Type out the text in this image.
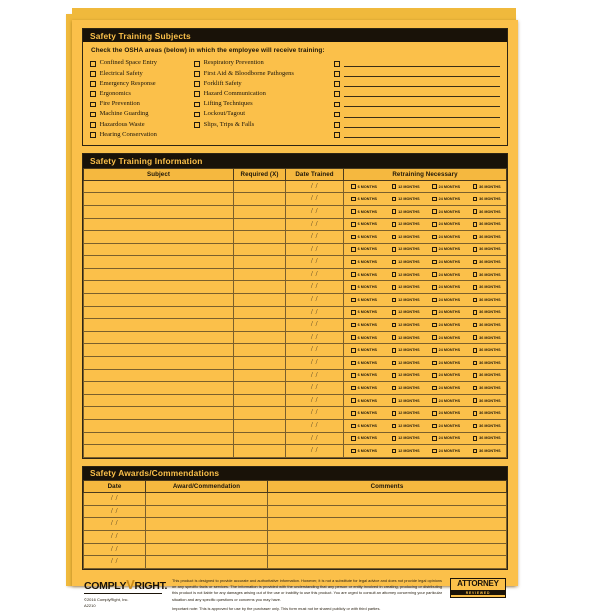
Safety Training Subjects
Check the OSHA areas (below) in which the employee will receive training:
Confined Space Entry
Electrical Safety
Emergency Response
Ergonomics
Fire Prevention
Machine Guarding
Hazardous Waste
Hearing Conservation
Respiratory Prevention
First Aid & Bloodborne Pathogens
Forklift Safety
Hazard Communication
Lifting Techniques
Lockout/Tagout
Slips, Trips & Falls
Safety Training Information
Subject	Required (X)	Date Trained	Retraining Necessary
		/ /	6 MONTHS 12 MONTHS 24 MONTHS 36 MONTHS

		/ /	6 MONTHS 12 MONTHS 24 MONTHS 36 MONTHS

		/ /	6 MONTHS 12 MONTHS 24 MONTHS 36 MONTHS

		/ /	6 MONTHS 12 MONTHS 24 MONTHS 36 MONTHS

		/ /	6 MONTHS 12 MONTHS 24 MONTHS 36 MONTHS

		/ /	6 MONTHS 12 MONTHS 24 MONTHS 36 MONTHS

		/ /	6 MONTHS 12 MONTHS 24 MONTHS 36 MONTHS

		/ /	6 MONTHS 12 MONTHS 24 MONTHS 36 MONTHS

		/ /	6 MONTHS 12 MONTHS 24 MONTHS 36 MONTHS

		/ /	6 MONTHS 12 MONTHS 24 MONTHS 36 MONTHS

		/ /	6 MONTHS 12 MONTHS 24 MONTHS 36 MONTHS

		/ /	6 MONTHS 12 MONTHS 24 MONTHS 36 MONTHS

		/ /	6 MONTHS 12 MONTHS 24 MONTHS 36 MONTHS

		/ /	6 MONTHS 12 MONTHS 24 MONTHS 36 MONTHS

		/ /	6 MONTHS 12 MONTHS 24 MONTHS 36 MONTHS

		/ /	6 MONTHS 12 MONTHS 24 MONTHS 36 MONTHS

		/ /	6 MONTHS 12 MONTHS 24 MONTHS 36 MONTHS

		/ /	6 MONTHS 12 MONTHS 24 MONTHS 36 MONTHS

		/ /	6 MONTHS 12 MONTHS 24 MONTHS 36 MONTHS

		/ /	6 MONTHS 12 MONTHS 24 MONTHS 36 MONTHS

		/ /	6 MONTHS 12 MONTHS 24 MONTHS 36 MONTHS

		/ /	6 MONTHS 12 MONTHS 24 MONTHS 36 MONTHS
Safety Awards/Commendations
Date	Award/Commendation	Comments
/ /		
/ /		
/ /		
/ /		
/ /		
/ /		
COMPLYVRIGHT.
©2016 ComplyRight, Inc.
A2210

This product is designed to provide accurate and authoritative information. However, it is not a substitute for legal advice and does not provide legal opinions on any specific facts or services. The information is provided with the understanding that any person or entity involved in creating, producing or distributing this product is not liable for any damages arising out of the use or inability to use this product. You are urged to consult an attorney concerning your particular situation and any specific questions or concerns you may have.

Important note: This is approved for use by the purchaser only. This form must not be shared publicly or with third parties.

ATTORNEY
REVIEWED
